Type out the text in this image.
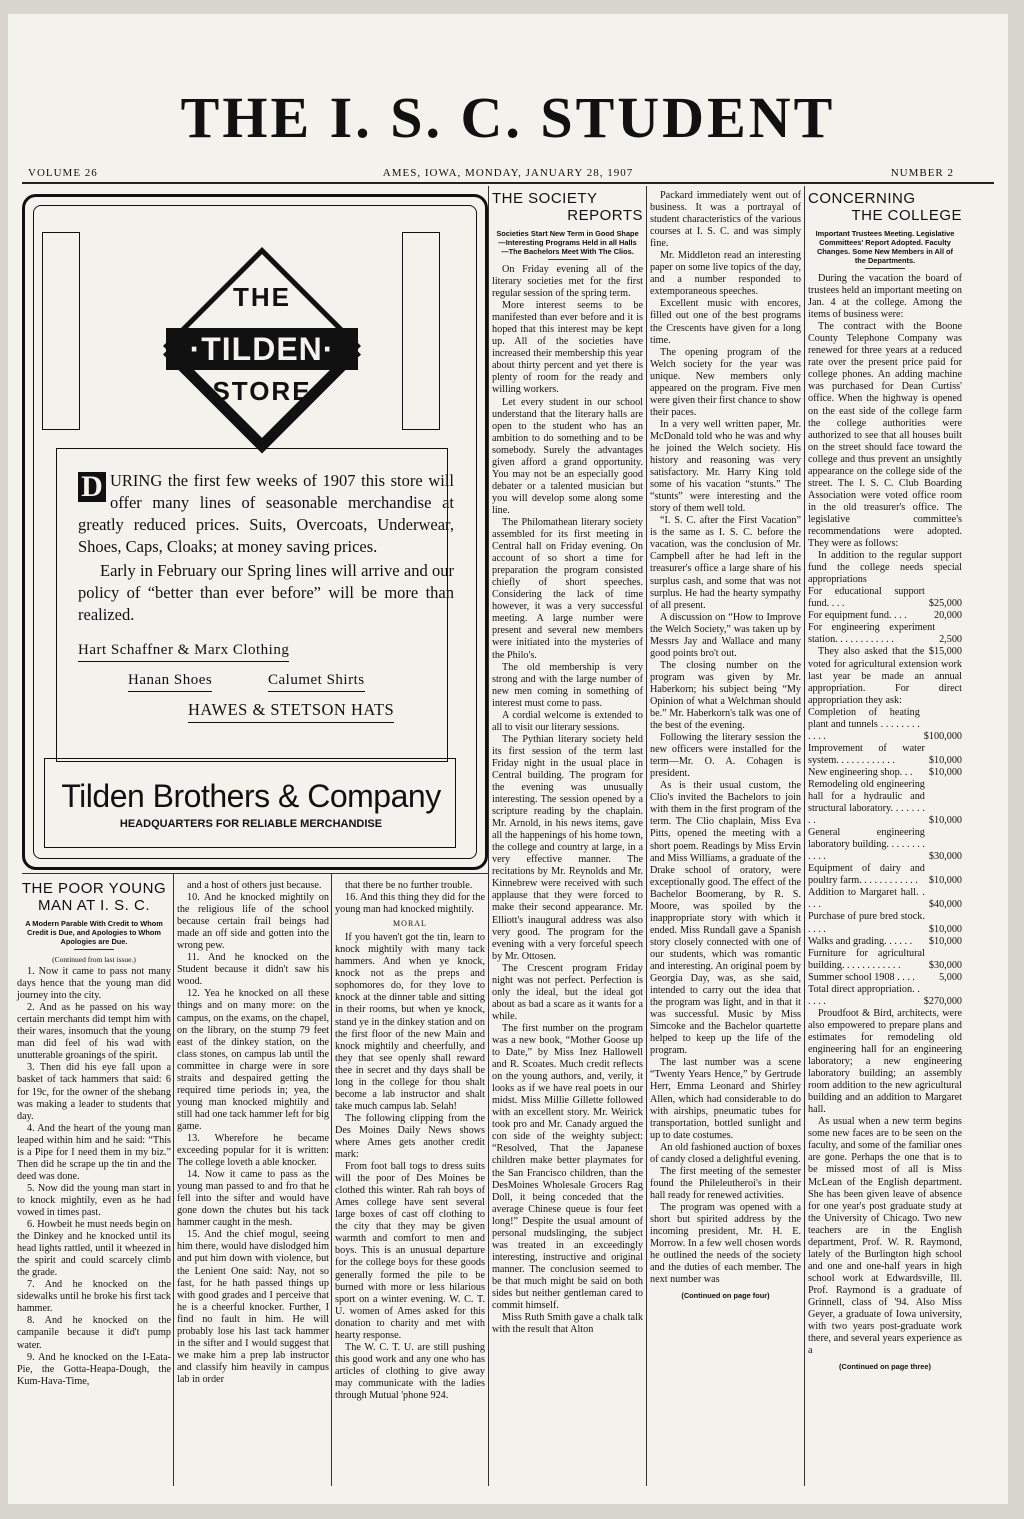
THE I. S. C. STUDENT
VOLUME 26	AMES, IOWA, MONDAY, JANUARY 28, 1907	NUMBER 2
THE
·TILDEN·
STORE
D URING the first few weeks of 1907 this store will offer many lines of seasonable merchandise at greatly reduced prices. Suits, Overcoats, Underwear, Shoes, Caps, Cloaks; at money saving prices.
Early in February our Spring lines will arrive and our policy of “better than ever before” will be more than realized.
Hart Schaffner & Marx Clothing
Hanan Shoes	Calumet Shirts
HAWES & STETSON HATS
Tilden Brothers & Company
HEADQUARTERS FOR RELIABLE MERCHANDISE
THE SOCIETY
REPORTS
Societies Start New Term in Good Shape—Interesting Programs Held in all Halls—The Bachelors Meet With The Clios.

On Friday evening all of the literary societies met for the first regular session of the spring term.

More interest seems to be manifested than ever before and it is hoped that this interest may be kept up. All of the societies have increased their membership this year about thirty percent and yet there is plenty of room for the ready and willing workers.

Let every student in our school understand that the literary halls are open to the student who has an ambition to do something and to be somebody. Surely the advantages given afford a grand opportunity. You may not be an especially good debater or a talented musician but you will develop some along some line.

The Philomathean literary society assembled for its first meeting in Central hall on Friday evening. On account of so short a time for preparation the program consisted chiefly of short speeches. Considering the lack of time however, it was a very successful meeting. A large number were present and several new members were initiated into the mysteries of the Philo's.

The old membership is very strong and with the large number of new men coming in something of interest must come to pass.

A cordial welcome is extended to all to visit our literary sessions.

The Pythian literary society held its first session of the term last Friday night in the usual place in Central building. The program for the evening was unusually interesting. The session opened by a scripture reading by the chaplain. Mr. Arnold, in his news items, gave all the happenings of his home town, the college and country at large, in a very effective manner. The recitations by Mr. Reynolds and Mr. Kinnebrew were received with such applause that they were forced to make their second appearance. Mr. Elliott's inaugural address was also very good. The program for the evening with a very forceful speech by Mr. Ottosen.

The Crescent program Friday night was not perfect. Perfection is only the ideal, but the ideal got about as bad a scare as it wants for a while.

The first number on the program was a new book, “Mother Goose up to Date,” by Miss Inez Hallowell and R. Scoates. Much credit reflects on the young authors, and, verily, it looks as if we have real poets in our midst. Miss Millie Gillette followed with an excellent story. Mr. Weirick took pro and Mr. Canady argued the con side of the weighty subject: “Resolved, That the Japanese children make better playmates for the San Francisco children, than the DesMoines Wholesale Grocers Rag Doll, it being conceded that the average Chinese queue is four feet long!” Despite the usual amount of personal mudslinging, the subject was treated in an exceedingly interesting, instructive and original manner. The conclusion seemed to be that much might be said on both sides but neither gentleman cared to commit himself.

Miss Ruth Smith gave a chalk talk with the result that Alton

Packard immediately went out of business. It was a portrayal of student characteristics of the various courses at I. S. C. and was simply fine.

Mr. Middleton read an interesting paper on some live topics of the day, and a number responded to extemporaneous speeches.

Excellent music with encores, filled out one of the best programs the Crescents have given for a long time.

The opening program of the Welch society for the year was unique. New members only appeared on the program. Five men were given their first chance to show their paces.

In a very well written paper, Mr. McDonald told who he was and why he joined the Welch society. His history and reasoning was very satisfactory. Mr. Harry King told some of his vacation “stunts.” The “stunts” were interesting and the story of them well told.

“I. S. C. after the First Vacation” is the same as I. S. C. before the vacation, was the conclusion of Mr. Campbell after he had left in the treasurer's office a large share of his surplus cash, and some that was not surplus. He had the hearty sympathy of all present.

A discussion on “How to Improve the Welch Society,” was taken up by Messrs Jay and Wallace and many good points bro't out.

The closing number on the program was given by Mr. Haberkorn; his subject being “My Opinion of what a Welchman should be.” Mr. Haberkorn's talk was one of the best of the evening.

Following the literary session the new officers were installed for the term—Mr. O. A. Cohagen is president.

As is their usual custom, the Clio's invited the Bachelors to join with them in the first program of the term. The Clio chaplain, Miss Eva Pitts, opened the meeting with a short poem. Readings by Miss Ervin and Miss Williams, a graduate of the Drake school of oratory, were exceptionally good. The effect of the Bachelor Boomerang, by R. S. Moore, was spoiled by the inappropriate story with which it ended. Miss Rundall gave a Spanish story closely connected with one of our students, which was romantic and interesting. An original poem by Georgia Day, was, as she said, intended to carry out the idea that the program was light, and in that it was successful. Music by Miss Simcoke and the Bachelor quartette helped to keep up the life of the program.

The last number was a scene “Twenty Years Hence,” by Gertrude Herr, Emma Leonard and Shirley Allen, which had considerable to do with airships, pneumatic tubes for transportation, bottled sunlight and up to date costumes.

An old fashioned auction of boxes of candy closed a delightful evening.

The first meeting of the semester found the Phileleutheroi's in their hall ready for renewed activities.

The program was opened with a short but spirited address by the incoming president, Mr. H. E. Morrow. In a few well chosen words he outlined the needs of the society and the duties of each member. The next number was

(Continued on page four)
CONCERNING
THE COLLEGE
Important Trustees Meeting. Legislative Committees' Report Adopted. Faculty Changes. Some New Members in All of the Departments.

During the vacation the board of trustees held an important meeting on Jan. 4 at the college. Among the items of business were:

The contract with the Boone County Telephone Company was renewed for three years at a reduced rate over the present price paid for college phones. An adding machine was purchased for Dean Curtiss' office. When the highway is opened on the east side of the college farm the college authorities were authorized to see that all houses built on the street should face toward the college and thus prevent an unsightly appearance on the college side of the street. The I. S. C. Club Boarding Association were voted office room in the old treasurer's office. The legislative committee's recommendations were adopted. They were as follows:

In addition to the regular support fund the college needs special appropriations

For educational support fund. . . .	$25,000
For equipment fund. . . .	20,000
For engineering experiment station. . . . . . . . . . . .	2,500

They also asked that the $15,000 voted for agricultural extension work last year be made an annual appropriation. For direct appropriation they ask:

Completion of heating plant and tunnels . . . . . . . . . . . .	$100,000
Improvement of water system. . . . . . . . . . . .	$10,000
New engineering shop. . .	$10,000
Remodeling old engineering hall for a hydraulic and structural laboratory. . . . . . . . .	$10,000
General engineering laboratory building. . . . . . . . . . . .	$30,000
Equipment of dairy and poultry farm. . . . . . . . . . . .	$10,000
Addition to Margaret hall. . . . .	$40,000
Purchase of pure bred stock. . . . .	$10,000
Walks and grading. . . . . .	$10,000
Furniture for agricultural building. . . . . . . . . . . .	$30,000
Summer school 1908 . . . .	5,000
Total direct appropriation. . . . . .	$270,000

Proudfoot & Bird, architects, were also empowered to prepare plans and estimates for remodeling old engineering hall for an engineering laboratory; a new engineering laboratory building; an assembly room addition to the new agricultural building and an addition to Margaret hall.

As usual when a new term begins some new faces are to be seen on the faculty, and some of the familiar ones are gone. Perhaps the one that is to be missed most of all is Miss McLean of the English department. She has been given leave of absence for one year's post graduate study at the University of Chicago. Two new teachers are in the English department, Prof. W. R. Raymond, lately of the Burlington high school and one and one-half years in high school work at Edwardsville, Ill. Prof. Raymond is a graduate of Grinnell, class of '94. Also Miss Geyer, a graduate of Iowa university, with two years post-graduate work there, and several years experience as a

(Continued on page three)
THE POOR YOUNG
MAN AT I. S. C.
A Modern Parable With Credit to Whom Credit is Due, and Apologies to Whom Apologies are Due.
(Continued from last issue.)

1. Now it came to pass not many days hence that the young man did journey into the city.

2. And as he passed on his way certain merchants did tempt him with their wares, insomuch that the young man did feel of his wad with unutterable groanings of the spirit.

3. Then did his eye fall upon a basket of tack hammers that said: 6 for 19c, for the owner of the shebang was making a leader to students that day.

4. And the heart of the young man leaped within him and he said: “This is a Pipe for I need them in my biz.” Then did he scrape up the tin and the deed was done.

5. Now did the young man start in to knock mightily, even as he had vowed in times past.

6. Howbeit he must needs begin on the Dinkey and he knocked until its head lights rattled, until it wheezed in the spirit and could scarcely climb the grade.

7. And he knocked on the sidewalks until he broke his first tack hammer.

8. And he knocked on the campanile because it did't pump water.

9. And he knocked on the I-Eata-Pie, the Gotta-Heapa-Dough, the Kum-Hava-Time,

and a host of others just because.

10. And he knocked mightily on the religious life of the school because certain frail beings had made an off side and gotten into the wrong pew.

11. And he knocked on the Student because it didn't saw his wood.

12. Yea he knocked on all these things and on many more: on the campus, on the exams, on the chapel, on the library, on the stump 79 feet east of the dinkey station, on the class stones, on campus lab until the committee in charge were in sore straits and despaired getting the required time periods in; yea, the young man knocked mightily and still had one tack hammer left for big game.

13. Wherefore he became exceeding popular for it is written: The college loveth a able knocker.

14. Now it came to pass as the young man passed to and fro that he fell into the sifter and would have gone down the chutes but his tack hammer caught in the mesh.

15. And the chief mogul, seeing him there, would have dislodged him and put him down with violence, but the Lenient One said: Nay, not so fast, for he hath passed things up with good grades and I perceive that he is a cheerful knocker. Further, I find no fault in him. He will probably lose his last tack hammer in the sifter and I would suggest that we make him a prep lab instructor and classify him heavily in campus lab in order

that there be no further trouble.

16. And this thing they did for the young man had knocked mightily.

MORAL

If you haven't got the tin, learn to knock mightily with many tack hammers. And when ye knock, knock not as the preps and sophomores do, for they love to knock at the dinner table and sitting in their rooms, but when ye knock, stand ye in the dinkey station and on the first floor of the new Main and knock mightily and cheerfully, and they that see openly shall reward thee in secret and thy days shall be long in the college for thou shalt become a lab instructor and shalt take much campus lab. Selah!

The following clipping from the Des Moines Daily News shows where Ames gets another credit mark:

From foot ball togs to dress suits will the poor of Des Moines be clothed this winter. Rah rah boys of Ames college have sent several large boxes of cast off clothing to the city that they may be given warmth and comfort to men and boys. This is an unusual departure for the college boys for these goods generally formed the pile to be burned with more or less hilarious sport on a winter evening. W. C. T. U. women of Ames asked for this donation to charity and met with hearty response.

The W. C. T. U. are still pushing this good work and any one who has articles of clothing to give away may communicate with the ladies through Mutual 'phone 924.
